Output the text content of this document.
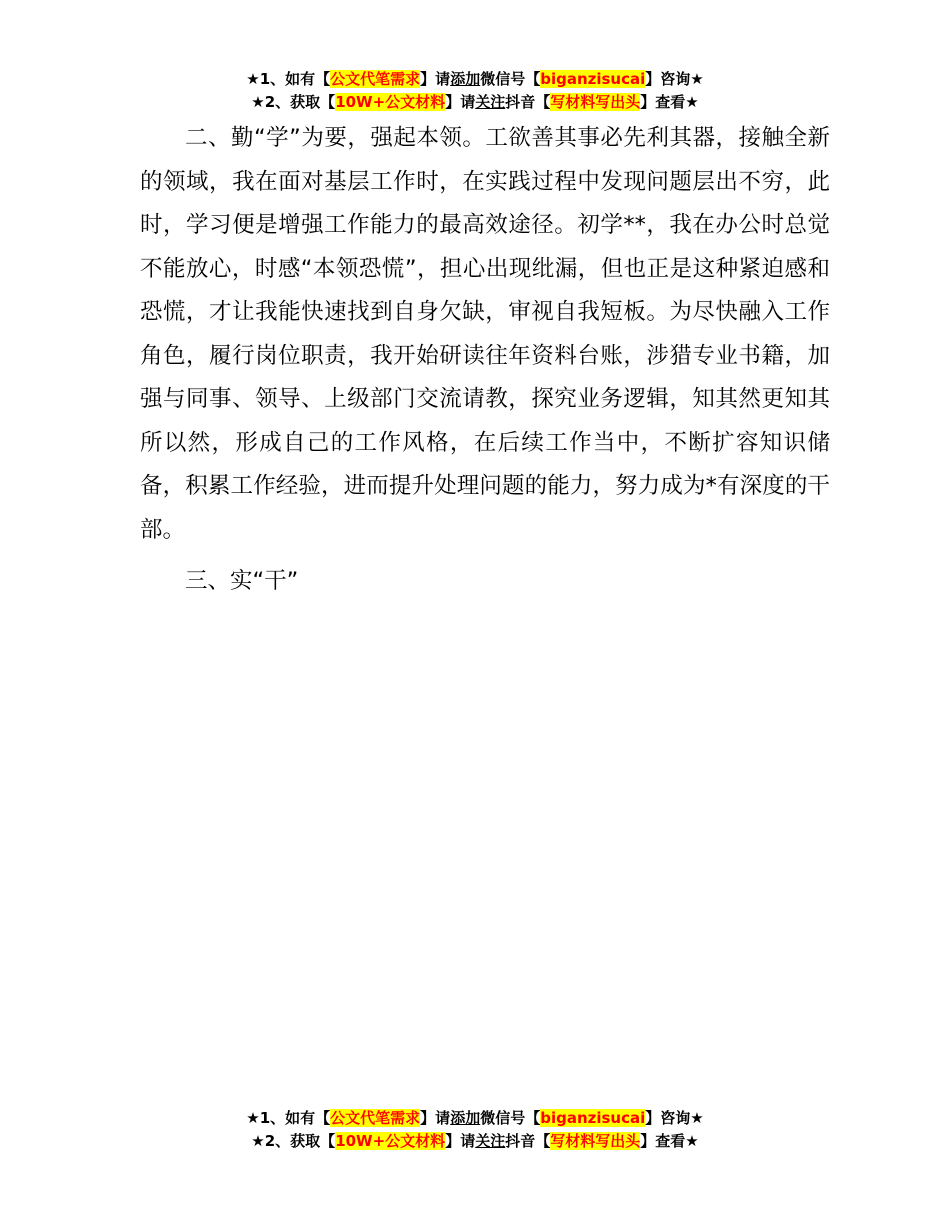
★1、如有【公文代笔需求】请添加微信号【biganzisucai】咨询★
★2、获取【10W+公文材料】请关注抖音【写材料写出头】查看★

二、勤“学”为要，强起本领。工欲善其事必先利其器，接触全新的领域，我在面对基层工作时，在实践过程中发现问题层出不穷，此时，学习便是增强工作能力的最高效途径。初学**，我在办公时总觉不能放心，时感“本领恐慌”，担心出现纰漏，但也正是这种紧迫感和恐慌，才让我能快速找到自身欠缺，审视自我短板。为尽快融入工作角色，履行岗位职责，我开始研读往年资料台账，涉猎专业书籍，加强与同事、领导、上级部门交流请教，探究业务逻辑，知其然更知其所以然，形成自己的工作风格，在后续工作当中，不断扩容知识储备，积累工作经验，进而提升处理问题的能力，努力成为*有深度的干部。

三、实“干”

★1、如有【公文代笔需求】请添加微信号【biganzisucai】咨询★
★2、获取【10W+公文材料】请关注抖音【写材料写出头】查看★
